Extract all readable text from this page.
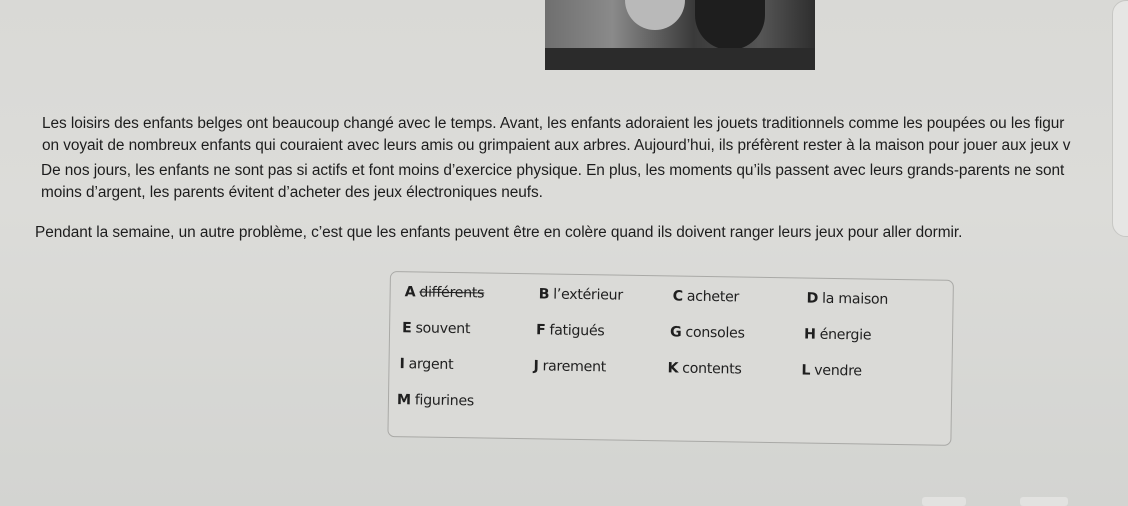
Les loisirs des enfants belges ont beaucoup changé avec le temps. Avant, les enfants adoraient les jouets traditionnels comme les poupées ou les figur
on voyait de nombreux enfants qui couraient avec leurs amis ou grimpaient aux arbres. Aujourd’hui, ils préfèrent rester à la maison pour jouer aux jeux v

De nos jours, les enfants ne sont pas si actifs et font moins d’exercice physique. En plus, les moments qu’ils passent avec leurs grands-parents ne sont
moins d’argent, les parents évitent d’acheter des jeux électroniques neufs.

Pendant la semaine, un autre problème, c’est que les enfants peuvent être en colère quand ils doivent ranger leurs jeux pour aller dormir.

A différents	B l’extérieur	C acheter	D la maison
E souvent	F fatigués	G consoles	H énergie
I argent	J rarement	K contents	L vendre
M figurines
